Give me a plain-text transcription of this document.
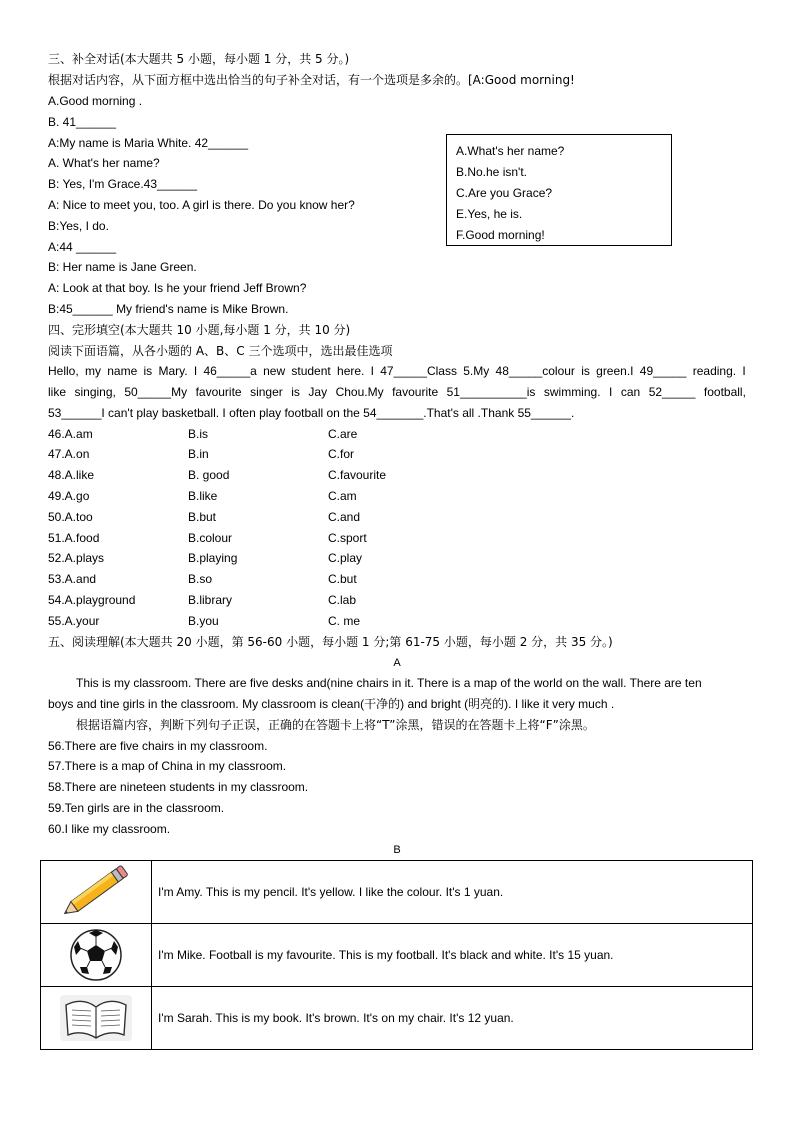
三、补全对话(本大题共 5 小题，每小题 1 分，共 5 分。)
根据对话内容，从下面方框中选出恰当的句子补全对话，有一个选项是多余的。[A:Good morning!
A.Good morning .
B. 41______
A:My name is Maria White. 42______
A. What's her name?
B: Yes, I'm Grace.43______
A: Nice to meet you, too. A girl is there. Do you know her?
B:Yes, I do.
A:44 ______
B: Her name is Jane Green.
A: Look at that boy. Is he your friend Jeff Brown?
B:45______ My friend's name is Mike Brown.
A.What's her name?
B.No.he isn't.
C.Are you Grace?
E.Yes, he is.
F.Good morning!
四、完形填空(本大题共 10 小题,每小题 1 分，共 10 分)
阅读下面语篇，从各小题的 A、B、C 三个选项中，选出最佳选项
Hello, my name is Mary. I 46_____a new student here. I 47_____Class 5.My 48_____colour is green.I 49_____ reading. I
like singing, 50_____My favourite singer is Jay Chou.My favourite 51__________is swimming. I can 52_____ football,
53______I can't play basketball. I often play football on the 54_______.That's all .Thank 55______.
46.A.am	B.is	C.are
47.A.on	B.in	C.for
48.A.like	B. good	C.favourite
49.A.go	B.like	C.am
50.A.too	B.but	C.and
51.A.food	B.colour	C.sport
52.A.plays	B.playing	C.play
53.A.and	B.so	C.but
54.A.playground	B.library	C.lab
55.A.your	B.you	C. me
五、阅读理解(本大题共 20 小题，第 56-60 小题，每小题 1 分;第 61-75 小题，每小题 2 分，共 35 分。)
A
This is my classroom. There are five desks and(nine chairs in it. There is a map of the world on the wall. There are ten
boys and tine girls in the classroom. My classroom is clean(干净的) and bright (明亮的). I like it very much .
根据语篇内容，判断下列句子正误，正确的在答题卡上将“T”涂黑，错误的在答题卡上将“F”涂黑。
56.There are five chairs in my classroom.
57.There is a map of China in my classroom.
58.There are nineteen students in my classroom.
59.Ten girls are in the classroom.
60.I like my classroom.
B
	I'm Amy. This is my pencil. It's yellow. I like the colour. It's 1 yuan.

	I'm Mike. Football is my favourite. This is my football. It's black and white. It's 15 yuan.

	I'm Sarah. This is my book. It's brown. It's on my chair. It's 12 yuan.
